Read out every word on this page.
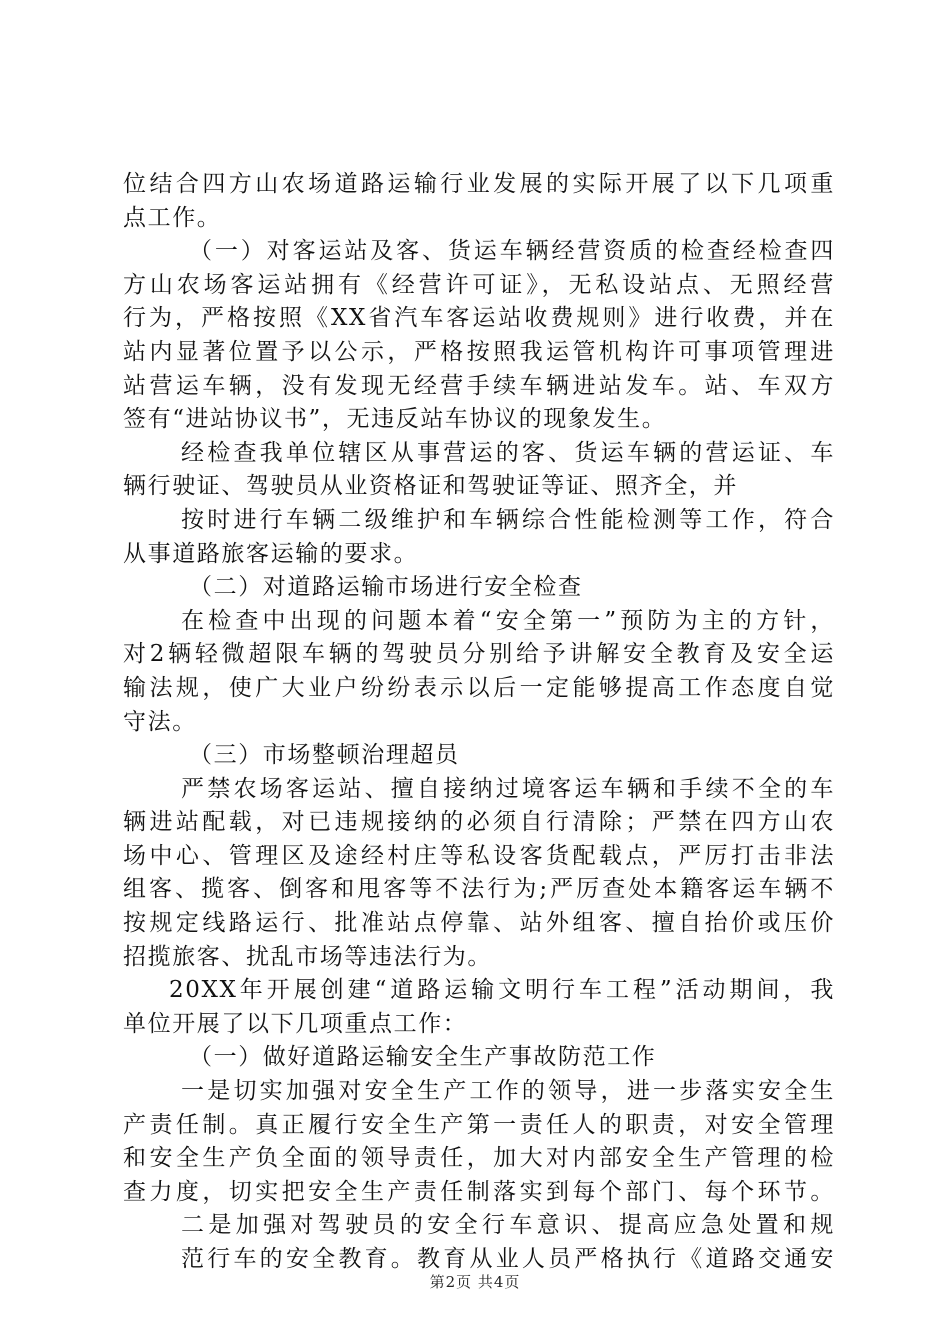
位结合四方山农场道路运输行业发展的实际开展了以下几项重
点工作。
（一）对客运站及客、货运车辆经营资质的检查经检查四
方山农场客运站拥有《经营许可证》，无私设站点、无照经营
行为，严格按照《XX省汽车客运站收费规则》进行收费，并在
站内显著位置予以公示，严格按照我运管机构许可事项管理进
站营运车辆，没有发现无经营手续车辆进站发车。站、车双方
签有“进站协议书”，无违反站车协议的现象发生。
经检查我单位辖区从事营运的客、货运车辆的营运证、车
辆行驶证、驾驶员从业资格证和驾驶证等证、照齐全，并
按时进行车辆二级维护和车辆综合性能检测等工作，符合
从事道路旅客运输的要求。
（二）对道路运输市场进行安全检查
在检查中出现的问题本着“安全第一”预防为主的方针，
对2辆轻微超限车辆的驾驶员分别给予讲解安全教育及安全运
输法规，使广大业户纷纷表示以后一定能够提高工作态度自觉
守法。
（三）市场整顿治理超员
严禁农场客运站、擅自接纳过境客运车辆和手续不全的车
辆进站配载，对已违规接纳的必须自行清除；严禁在四方山农
场中心、管理区及途经村庄等私设客货配载点，严厉打击非法
组客、揽客、倒客和甩客等不法行为;严厉查处本籍客运车辆不
按规定线路运行、批准站点停靠、站外组客、擅自抬价或压价
招揽旅客、扰乱市场等违法行为。
20XX年开展创建“道路运输文明行车工程”活动期间，我
单位开展了以下几项重点工作：
（一）做好道路运输安全生产事故防范工作
一是切实加强对安全生产工作的领导，进一步落实安全生
产责任制。真正履行安全生产第一责任人的职责，对安全管理
和安全生产负全面的领导责任，加大对内部安全生产管理的检
查力度，切实把安全生产责任制落实到每个部门、每个环节。
二是加强对驾驶员的安全行车意识、提高应急处置和规
范行车的安全教育。教育从业人员严格执行《道路交通安
第2页 共4页
